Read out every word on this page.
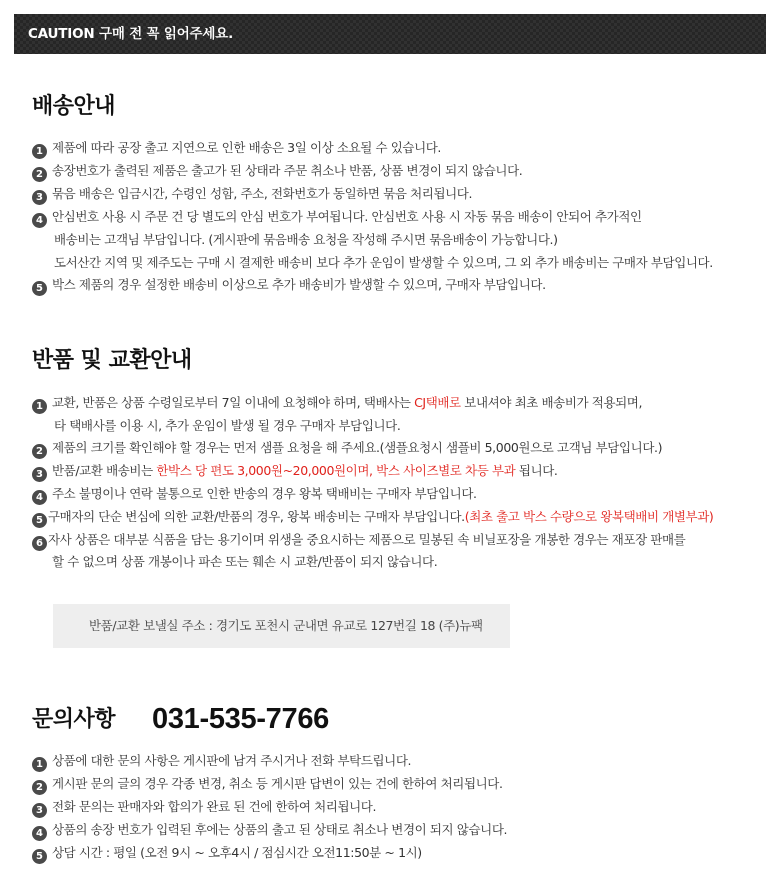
CAUTION 구매 전 꼭 읽어주세요.
배송안내
1 제품에 따라 공장 출고 지연으로 인한 배송은 3일 이상 소요될 수 있습니다.
2 송장번호가 출력된 제품은 출고가 된 상태라 주문 취소나 반품, 상품 변경이 되지 않습니다.
3 묶음 배송은 입금시간, 수령인 성함, 주소, 전화번호가 동일하면 묶음 처리됩니다.
4 안심번호 사용 시 주문 건 당 별도의 안심 번호가 부여됩니다. 안심번호 사용 시 자동 묶음 배송이 안되어 추가적인
배송비는 고객님 부담입니다. (게시판에 묶음배송 요청을 작성해 주시면 묶음배송이 가능합니다.)
도서산간 지역 및 제주도는 구매 시 결제한 배송비 보다 추가 운임이 발생할 수 있으며, 그 외 추가 배송비는 구매자 부담입니다.
5 박스 제품의 경우 설정한 배송비 이상으로 추가 배송비가 발생할 수 있으며, 구매자 부담입니다.
반품 및 교환안내
1 교환, 반품은 상품 수령일로부터 7일 이내에 요청해야 하며, 택배사는 CJ택배로 보내셔야 최초 배송비가 적용되며,
타 택배사를 이용 시, 추가 운임이 발생 될 경우 구매자 부담입니다.
2 제품의 크기를 확인해야 할 경우는 먼저 샘플 요청을 해 주세요.(샘플요청시 샘플비 5,000원으로 고객님 부담입니다.)
3 반품/교환 배송비는 한박스 당 편도 3,000원~20,000원이며, 박스 사이즈별로 차등 부과 됩니다.
4 주소 불명이나 연락 불통으로 인한 반송의 경우 왕복 택배비는 구매자 부담입니다.
5 구매자의 단순 변심에 의한 교환/반품의 경우, 왕복 배송비는 구매자 부담입니다.(최초 출고 박스 수량으로 왕복택배비 개별부과)
6 자사 상품은 대부분 식품을 담는 용기이며 위생을 중요시하는 제품으로 밀봉된 속 비닐포장을 개봉한 경우는 재포장 판매를
할 수 없으며 상품 개봉이나 파손 또는 훼손 시 교환/반품이 되지 않습니다.
반품/교환 보낼실 주소 : 경기도 포천시 군내면 유교로 127번길 18 (주)뉴팩
문의사항 031-535-7766
1 상품에 대한 문의 사항은 게시판에 남겨 주시거나 전화 부탁드립니다.
2 게시판 문의 글의 경우 각종 변경, 취소 등 게시판 답변이 있는 건에 한하여 처리됩니다.
3 전화 문의는 판매자와 합의가 완료 된 건에 한하여 처리됩니다.
4 상품의 송장 번호가 입력된 후에는 상품의 출고 된 상태로 취소나 변경이 되지 않습니다.
5 상담 시간 : 평일 (오전 9시 ~ 오후4시 / 점심시간 오전11:50분 ~ 1시)
